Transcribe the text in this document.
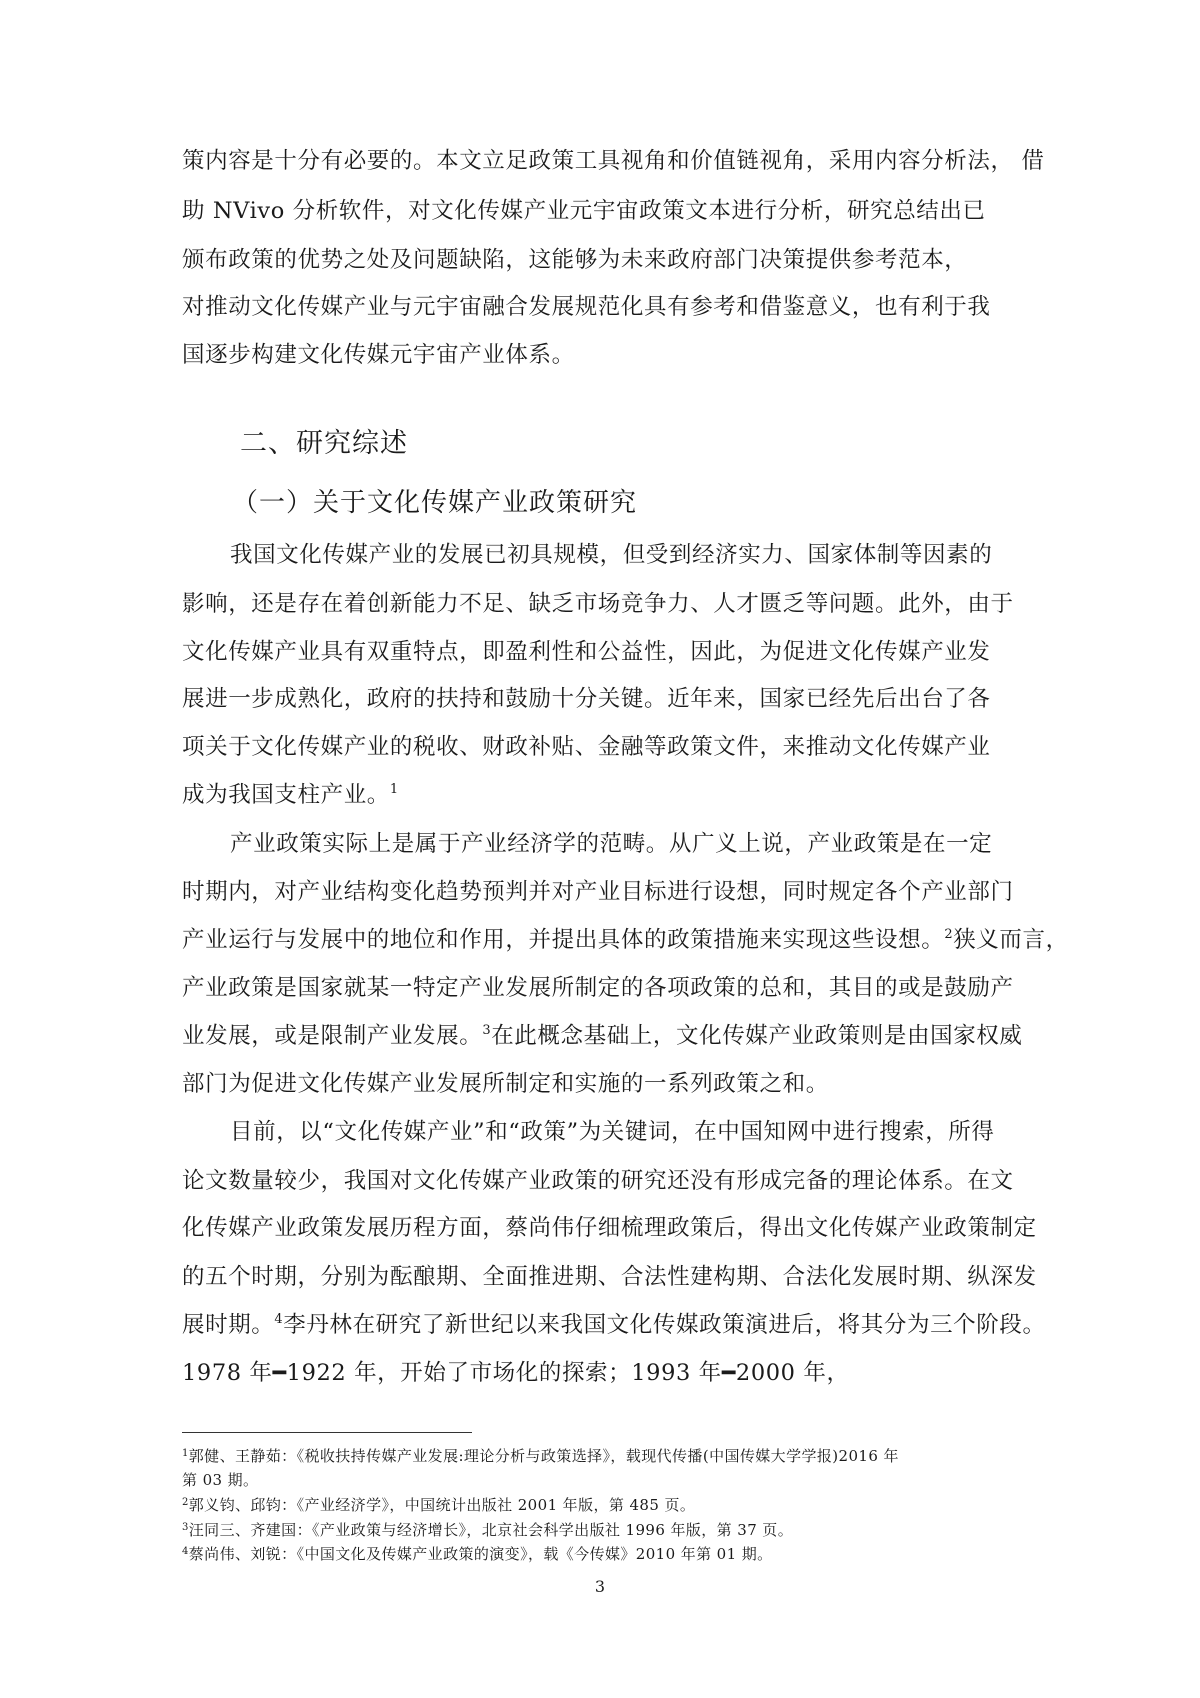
策内容是十分有必要的。本文立足政策工具视角和价值链视角，采用内容分析法， 借
助 NVivo 分析软件，对文化传媒产业元宇宙政策文本进行分析，研究总结出已
颁布政策的优势之处及问题缺陷，这能够为未来政府部门决策提供参考范本，
对推动文化传媒产业与元宇宙融合发展规范化具有参考和借鉴意义，也有利于我
国逐步构建文化传媒元宇宙产业体系。
二、研究综述
（一）关于文化传媒产业政策研究
我国文化传媒产业的发展已初具规模，但受到经济实力、国家体制等因素的
影响，还是存在着创新能力不足、缺乏市场竞争力、人才匮乏等问题。此外，由于
文化传媒产业具有双重特点，即盈利性和公益性，因此，为促进文化传媒产业发
展进一步成熟化，政府的扶持和鼓励十分关键。近年来，国家已经先后出台了各
项关于文化传媒产业的税收、财政补贴、金融等政策文件，来推动文化传媒产业
成为我国支柱产业。$^1$
产业政策实际上是属于产业经济学的范畴。从广义上说，产业政策是在一定
时期内，对产业结构变化趋势预判并对产业目标进行设想，同时规定各个产业部门
产业运行与发展中的地位和作用，并提出具体的政策措施来实现这些设想。$^2$狭义而言，
产业政策是国家就某一特定产业发展所制定的各项政策的总和，其目的或是鼓励产
业发展，或是限制产业发展。$^3$在此概念基础上，文化传媒产业政策则是由国家权威
部门为促进文化传媒产业发展所制定和实施的一系列政策之和。
目前，以“文化传媒产业”和“政策”为关键词，在中国知网中进行搜索，所得
论文数量较少，我国对文化传媒产业政策的研究还没有形成完备的理论体系。在文
化传媒产业政策发展历程方面，蔡尚伟仔细梳理政策后，得出文化传媒产业政策制定
的五个时期，分别为酝酿期、全面推进期、合法性建构期、合法化发展时期、纵深发
展时期。$^4$李丹林在研究了新世纪以来我国文化传媒政策演进后，将其分为三个阶段。
1978 年━1922 年，开始了市场化的探索；1993 年━2000 年，
$^1$郭健、王静茹：《税收扶持传媒产业发展:理论分析与政策选择》，载现代传播(中国传媒大学学报)2016 年
第 03 期。
$^2$郭义钧、邱钧：《产业经济学》，中国统计出版社 2001 年版，第 485 页。
$^3$汪同三、齐建国：《产业政策与经济增长》，北京社会科学出版社 1996 年版，第 37 页。
$^4$蔡尚伟、刘锐：《中国文化及传媒产业政策的演变》，载《今传媒》2010 年第 01 期。
3
